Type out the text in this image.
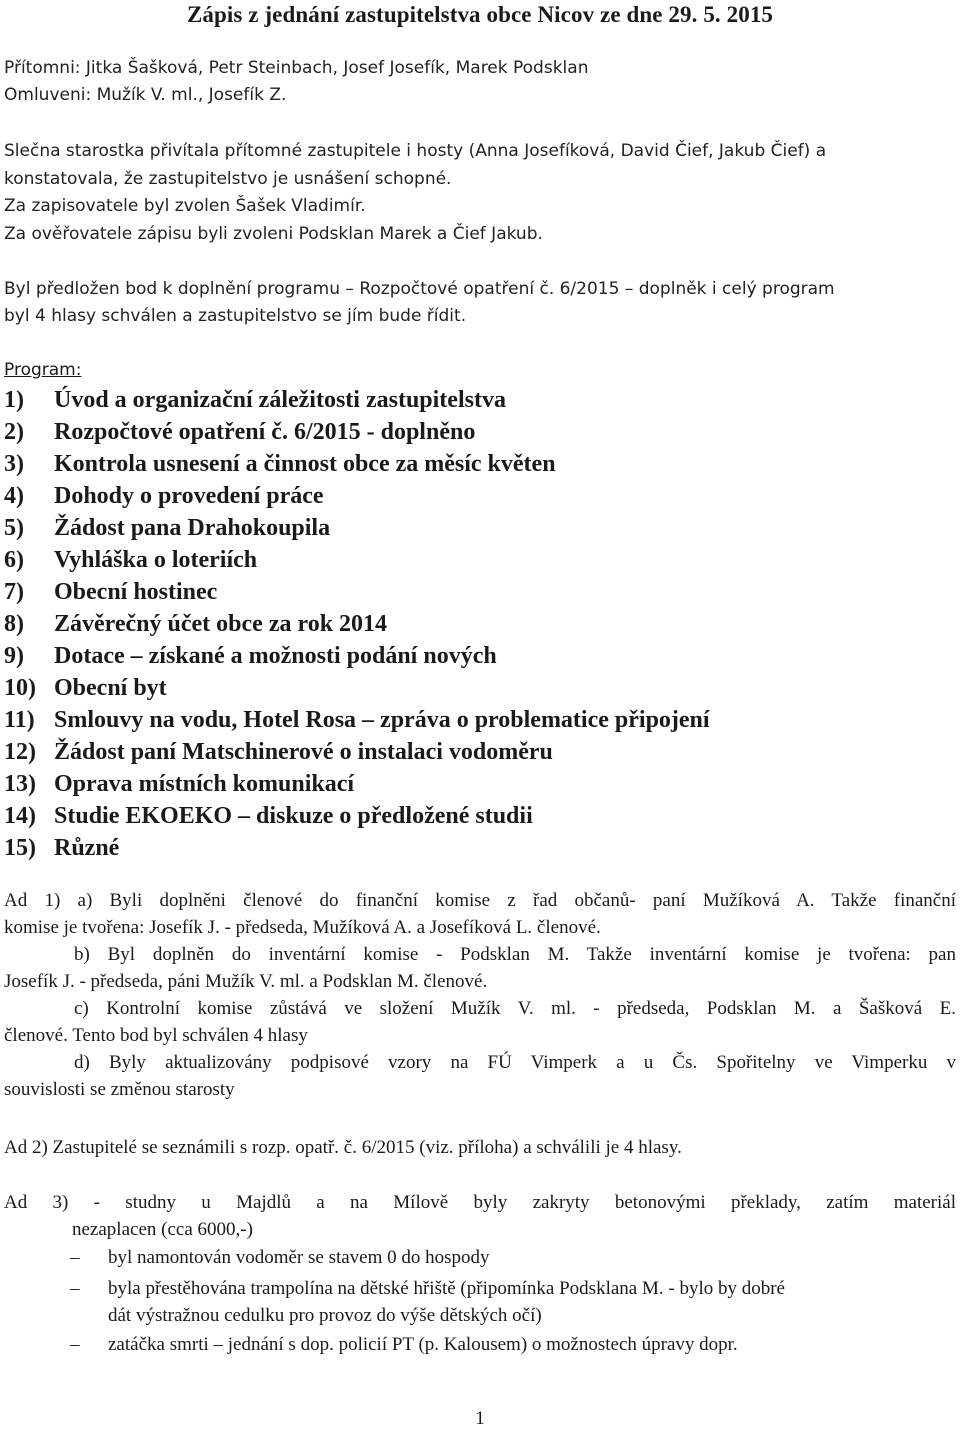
Zápis z jednání zastupitelstva obce Nicov ze dne 29. 5. 2015
Přítomni: Jitka Šašková, Petr Steinbach, Josef Josefík, Marek Podsklan
Omluveni: Mužík V. ml., Josefík Z.
Slečna starostka přivítala přítomné zastupitele i hosty (Anna Josefíková, David Čief, Jakub Čief) a
konstatovala, že zastupitelstvo je usnášení schopné.
Za zapisovatele byl zvolen Šašek Vladimír.
Za ověřovatele zápisu byli zvoleni Podsklan Marek a Čief Jakub.
Byl předložen bod k doplnění programu – Rozpočtové opatření č. 6/2015 – doplněk i celý program
byl 4 hlasy schválen a zastupitelstvo se jím bude řídit.
Program:
1) Úvod a organizační záležitosti zastupitelstva
2) Rozpočtové opatření č. 6/2015 - doplněno
3) Kontrola usnesení a činnost obce za měsíc květen
4) Dohody o provedení práce
5) Žádost pana Drahokoupila
6) Vyhláška o loteriích
7) Obecní hostinec
8) Závěrečný účet obce za rok 2014
9) Dotace – získané a možnosti podání nových
10) Obecní byt
11) Smlouvy na vodu, Hotel Rosa – zpráva o problematice připojení
12) Žádost paní Matschinerové o instalaci vodoměru
13) Oprava místních komunikací
14) Studie EKOEKO – diskuze o předložené studii
15) Různé
Ad 1) a) Byli doplněni členové do finanční komise z řad občanů- paní Mužíková A. Takže finanční
komise je tvořena: Josefík J. - předseda, Mužíková A. a Josefíková L. členové.
b) Byl doplněn do inventární komise - Podsklan M. Takže inventární komise je tvořena: pan
Josefík J. - předseda, páni Mužík V. ml. a Podsklan M. členové.
c) Kontrolní komise zůstává ve složení Mužík V. ml. - předseda, Podsklan M. a Šašková E.
členové. Tento bod byl schválen 4 hlasy
d) Byly aktualizovány podpisové vzory na FÚ Vimperk a u Čs. Spořitelny ve Vimperku v
souvislosti se změnou starosty
Ad 2) Zastupitelé se seznámili s rozp. opatř. č. 6/2015 (viz. příloha) a schválili je 4 hlasy.
Ad 3) - studny u Majdlů a na Mílově byly zakryty betonovými překlady, zatím materiál
nezaplacen (cca 6000,-)
– byl namontován vodoměr se stavem 0 do hospody
– byla přestěhována trampolína na dětské hřiště (připomínka Podsklana M. - bylo by dobré
dát výstražnou cedulku pro provoz do výše dětských očí)
– zatáčka smrti – jednání s dop. policií PT (p. Kalousem) o možnostech úpravy dopr.
1
